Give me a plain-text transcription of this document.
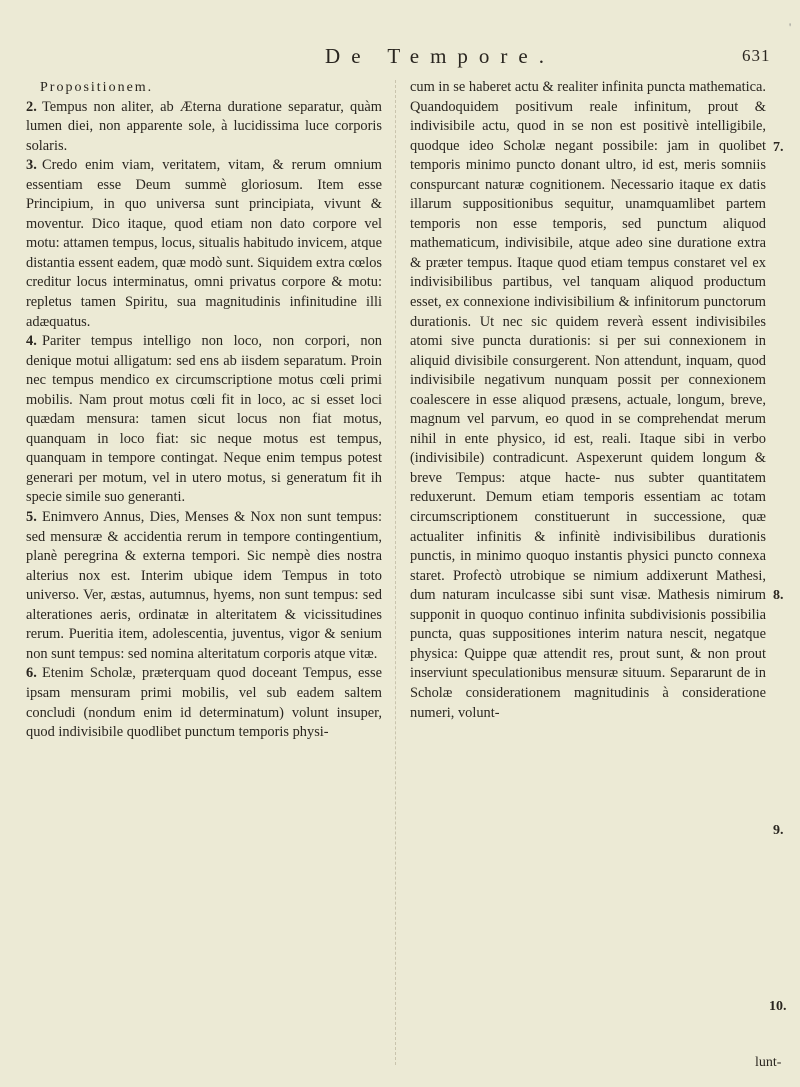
'
De Tempore.	631
Propositionem.

2. Tempus non aliter, ab Æterna duratione separatur, quàm lumen diei, non apparente sole, à lucidissima luce corporis solaris.

3. Credo enim viam, veritatem, vitam, & rerum omnium essentiam esse Deum summè gloriosum. Item esse Principium, in quo universa sunt principiata, vivunt & moventur. Dico itaque, quod etiam non dato corpore vel motu: attamen tempus, locus, situalis habitudo invicem, atque distantia essent eadem, quæ modò sunt. Siquidem extra cœlos creditur locus interminatus, omni privatus corpore & motu: repletus tamen Spiritu, sua magnitudinis infinitudine illi adæquatus.

4. Pariter tempus intelligo non loco, non corpori, non denique motui alligatum: sed ens ab iisdem separatum. Proin nec tempus mendico ex circumscriptione motus cœli primi mobilis. Nam prout motus cœli fit in loco, ac si esset loci quædam mensura: tamen sicut locus non fiat motus, quanquam in loco fiat: sic neque motus est tempus, quanquam in tempore contingat. Neque enim tempus potest generari per motum, vel in utero motus, si generatum fit ih specie simile suo generanti.

5. Enimvero Annus, Dies, Menses & Nox non sunt tempus: sed mensuræ & accidentia rerum in tempore contingentium, planè peregrina & externa tempori. Sic nempè dies nostra alterius nox est. Interim ubique idem Tempus in toto universo. Ver, æstas, autumnus, hyems, non sunt tempus: sed alterationes aeris, ordinatæ in alteritatem & vicissitudines rerum. Pueritia item, adolescentia, juventus, vigor & senium non sunt tempus: sed nomina alteritatum corporis atque vitæ.

6. Etenim Scholæ, præterquam quod doceant Tempus, esse ipsam mensuram primi mobilis, vel sub eadem saltem concludi (nondum enim id determinatum) volunt insuper, quod indivisibile quodlibet punctum temporis physi-

cum in se haberet actu & realiter infinita puncta mathematica. Quandoquidem positivum reale infinitum, prout & indivisibile actu, quod in se non est positivè intelligibile, quodque ideo Scholæ negant possibile: jam in quolibet temporis minimo puncto donant ultro, id est, meris somniis conspurcant naturæ cognitionem. Necessario itaque ex datis illarum suppositionibus sequitur, unamquamlibet partem temporis non esse temporis, sed punctum aliquod mathematicum, indivisibile, atque adeo sine duratione extra & præter tempus. Itaque quod etiam tempus constaret vel ex indivisibilibus partibus, vel tanquam aliquod productum esset, ex connexione indivisibilium & infinitorum punctorum durationis. Ut nec sic quidem reverà essent indivisibiles atomi sive puncta durationis: si per sui connexionem in aliquid divisibile consurgerent. Non attendunt, inquam, quod indivisibile negativum nunquam possit per connexionem coalescere in esse aliquod præsens, actuale, longum, breve, magnum vel parvum, eo quod in se comprehendat merum nihil in ente physico, id est, reali. Itaque sibi in verbo (indivisibile) contradicunt. Aspexerunt quidem longum & breve Tempus: atque hacte- nus subter quantitatem reduxerunt. Demum etiam temporis essentiam ac totam circumscriptionem constituerunt in successione, quæ actualiter infinitis & infinitè indivisibilibus durationis punctis, in minimo quoquo instantis physici puncto connexa staret. Profectò utrobique se nimium addixerunt Mathesi, dum naturam inculcasse sibi sunt visæ. Mathesis nimirum supponit in quoquo continuo infinita subdivisionis possibilia puncta, quas suppositiones interim natura nescit, negatque physica: Quippe quæ attendit res, prout sunt, & non prout inserviunt speculationibus mensuræ situum. Separarunt de in Scholæ considerationem magnitudinis à consideratione numeri, volunt-

7.
8.
9.
10.
lunt-
